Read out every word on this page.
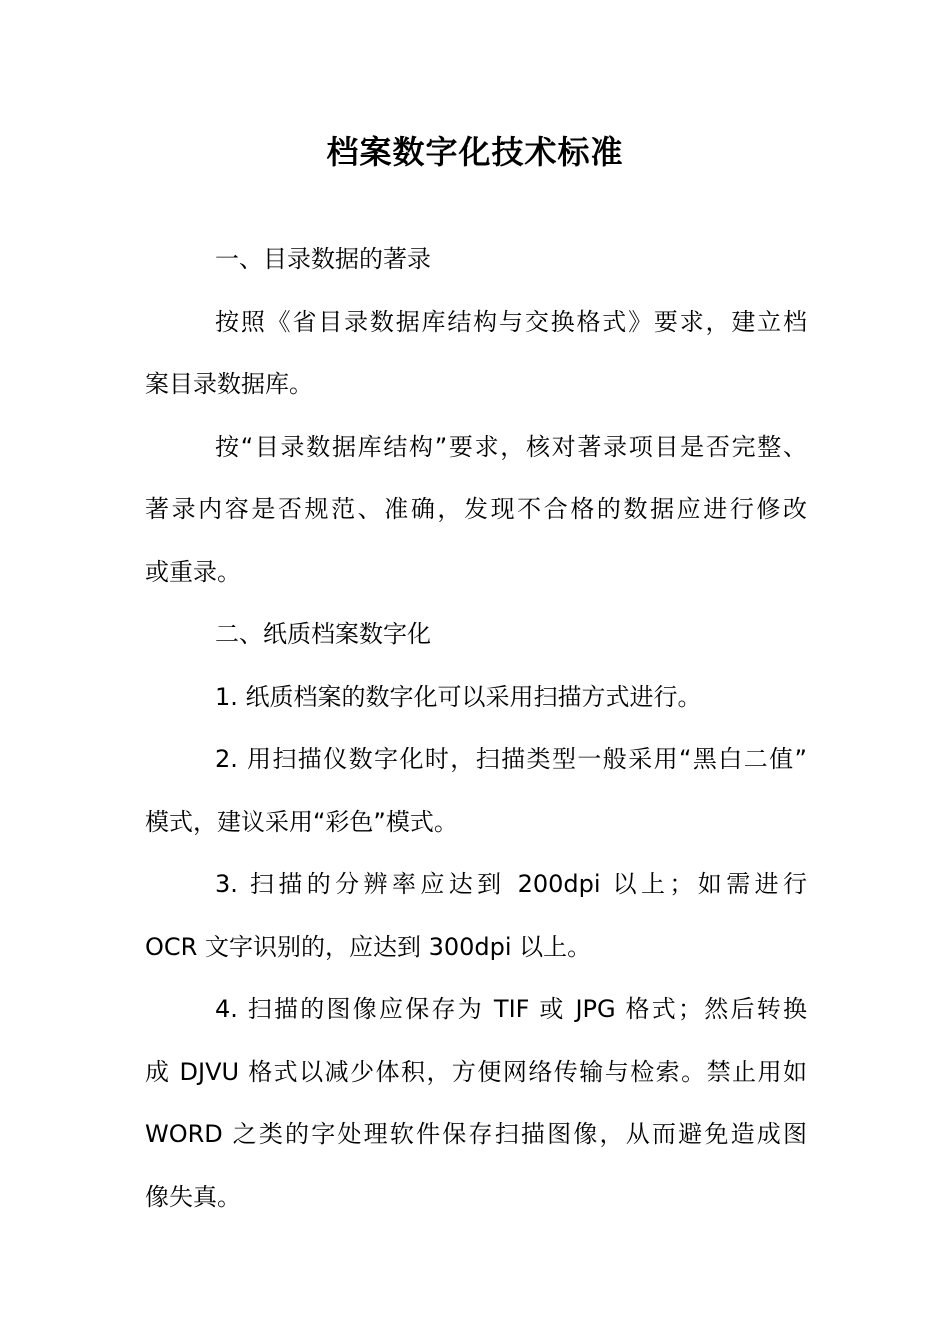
档案数字化技术标准

一、目录数据的著录

按照《省目录数据库结构与交换格式》要求，建立档
案目录数据库。

按“目录数据库结构”要求，核对著录项目是否完整、
著录内容是否规范、准确，发现不合格的数据应进行修改
或重录。

二、纸质档案数字化

1. 纸质档案的数字化可以采用扫描方式进行。

2. 用扫描仪数字化时，扫描类型一般采用“黑白二值”
模式，建议采用“彩色”模式。

3. 扫描的分辨率应达到 200dpi 以上；如需进行
OCR 文字识别的，应达到 300dpi 以上。

4. 扫描的图像应保存为 TIF 或 JPG 格式；然后转换
成 DJVU 格式以减少体积，方便网络传输与检索。禁止用如
WORD 之类的字处理软件保存扫描图像，从而避免造成图
像失真。
